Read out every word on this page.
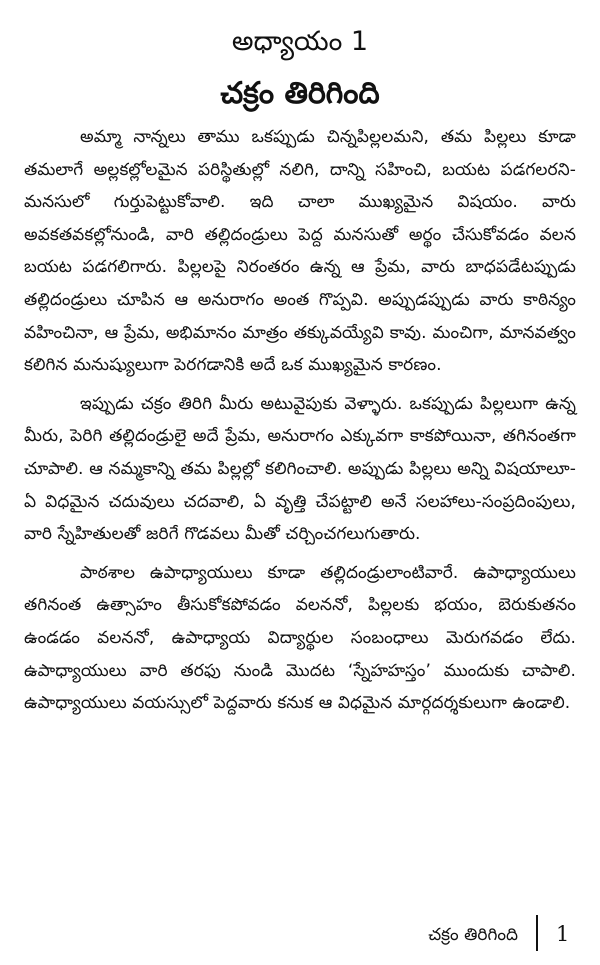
అధ్యాయం 1
చక్రం తిరిగింది

అమ్మా నాన్నలు తాము ఒకప్పుడు చిన్నపిల్లలమని, తమ పిల్లలు కూడా తమలాగే అల్లకల్లోలమైన పరిస్థితుల్లో నలిగి, దాన్ని సహించి, బయట పడగలరని- మనసులో గుర్తుపెట్టుకోవాలి. ఇది చాలా ముఖ్యమైన విషయం. వారు అవకతవకల్లోనుండి, వారి తల్లిదండ్రులు పెద్ద మనసుతో అర్థం చేసుకోవడం వలన బయట పడగలిగారు. పిల్లలపై నిరంతరం ఉన్న ఆ ప్రేమ, వారు బాధపడేటప్పుడు తల్లిదండ్రులు చూపిన ఆ అనురాగం అంత గొప్పవి. అప్పుడప్పుడు వారు కాఠిన్యం వహించినా, ఆ ప్రేమ, అభిమానం మాత్రం తక్కువయ్యేవి కావు. మంచిగా, మానవత్వం కలిగిన మనుష్యులుగా పెరగడానికి అదే ఒక ముఖ్యమైన కారణం.

ఇప్పుడు చక్రం తిరిగి మీరు అటువైపుకు వెళ్ళారు. ఒకప్పుడు పిల్లలుగా ఉన్న మీరు, పెరిగి తల్లిదండ్రులై అదే ప్రేమ, అనురాగం ఎక్కువగా కాకపోయినా, తగినంతగా చూపాలి. ఆ నమ్మకాన్ని తమ పిల్లల్లో కలిగించాలి. అప్పుడు పిల్లలు అన్ని విషయాలూ-ఏ విధమైన చదువులు చదవాలి, ఏ వృత్తి చేపట్టాలి అనే సలహాలు-సంప్రదింపులు, వారి స్నేహితులతో జరిగే గొడవలు మీతో చర్చించగలుగుతారు.

పాఠశాల ఉపాధ్యాయులు కూడా తల్లిదండ్రులాంటివారే. ఉపాధ్యాయులు తగినంత ఉత్సాహం తీసుకోకపోవడం వలననో, పిల్లలకు భయం, బెరుకుతనం ఉండడం వలననో, ఉపాధ్యాయ విద్యార్థుల సంబంధాలు మెరుగవడం లేదు. ఉపాధ్యాయులు వారి తరఫు నుండి మొదట ‘స్నేహహస్తం’ ముందుకు చాపాలి. ఉపాధ్యాయులు వయస్సులో పెద్దవారు కనుక ఆ విధమైన మార్గదర్శకులుగా ఉండాలి.

చక్రం తిరిగింది 1
